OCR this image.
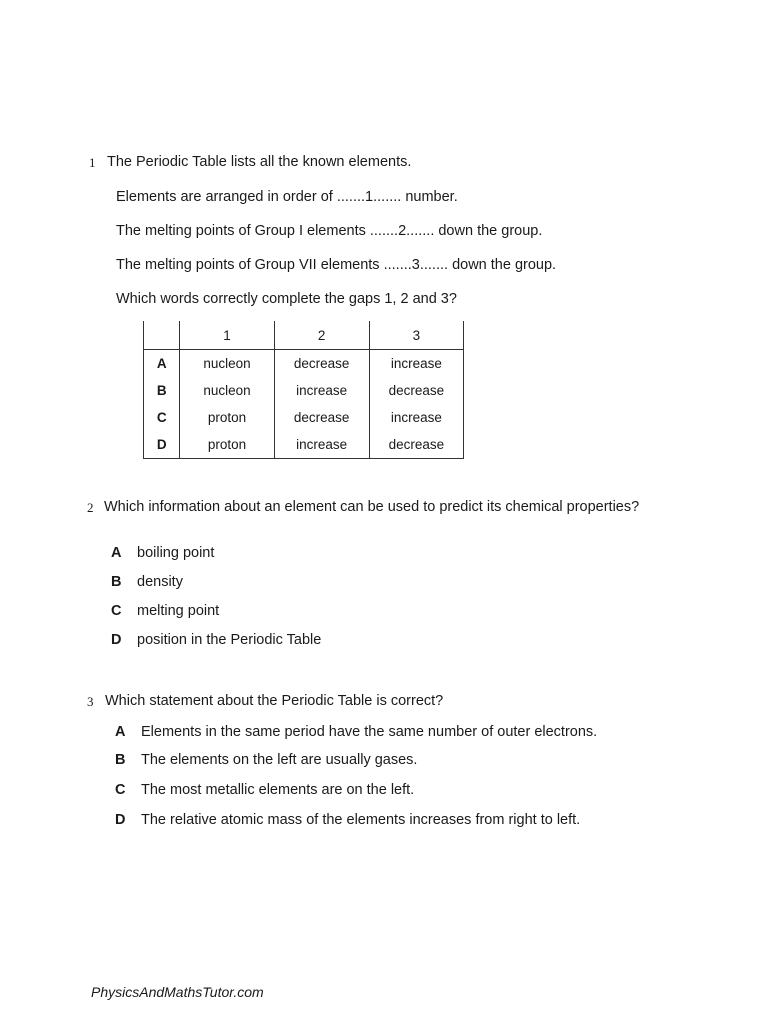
1 The Periodic Table lists all the known elements.
Elements are arranged in order of .......1....... number.
The melting points of Group I elements .......2....... down the group.
The melting points of Group VII elements .......3....... down the group.
Which words correctly complete the gaps 1, 2 and 3?
	1	2	3
A	nucleon	decrease	increase
B	nucleon	increase	decrease
C	proton	decrease	increase
D	proton	increase	decrease
2 Which information about an element can be used to predict its chemical properties?
A boiling point
B density
C melting point
D position in the Periodic Table
3 Which statement about the Periodic Table is correct?
A Elements in the same period have the same number of outer electrons.
B The elements on the left are usually gases.
C The most metallic elements are on the left.
D The relative atomic mass of the elements increases from right to left.
PhysicsAndMathsTutor.com
